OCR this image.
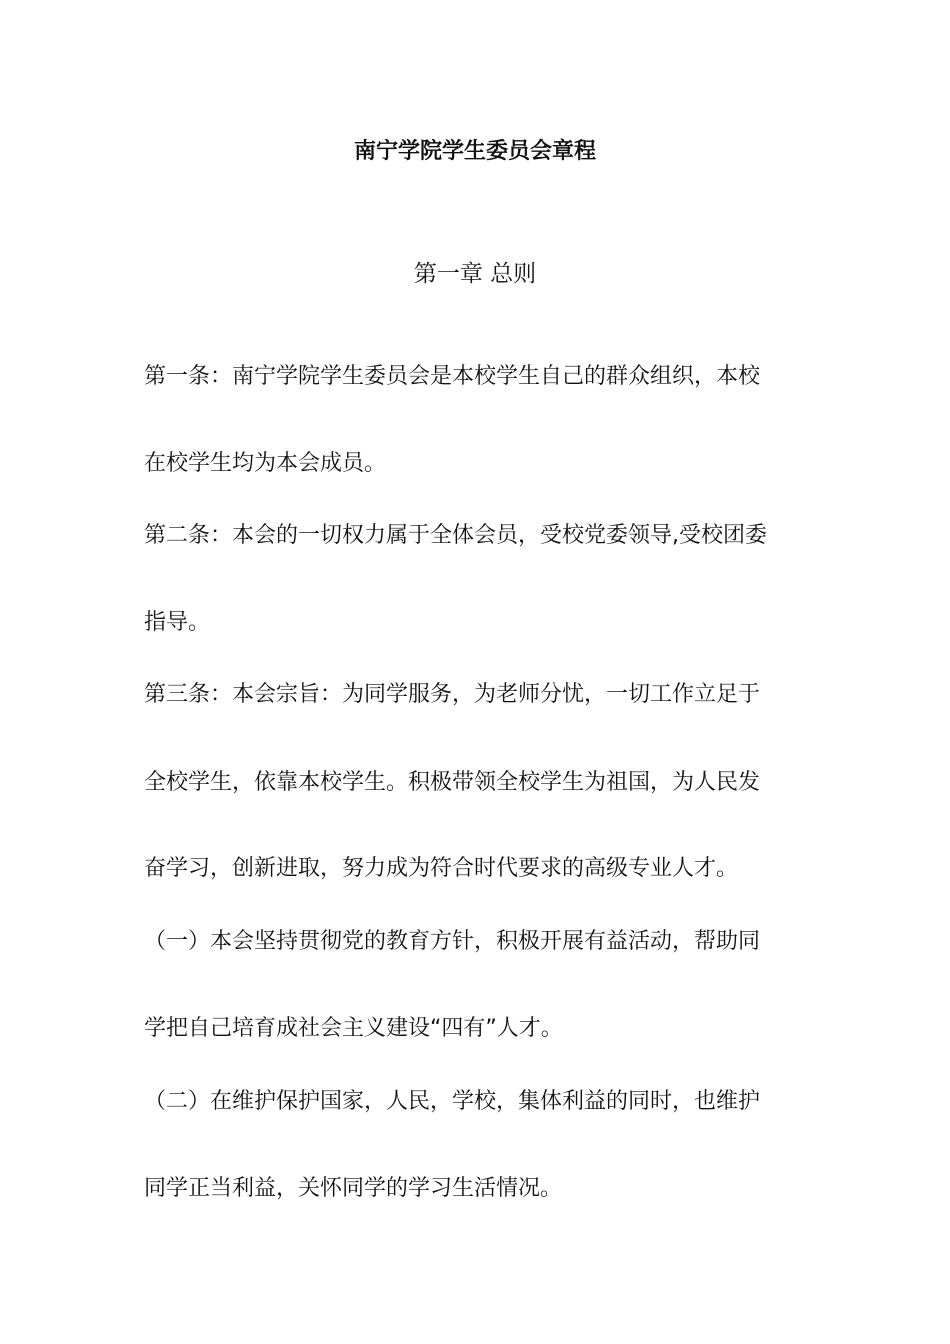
南宁学院学生委员会章程
第一章 总则
第一条：南宁学院学生委员会是本校学生自己的群众组织，本校
在校学生均为本会成员。
第二条：本会的一切权力属于全体会员，受校党委领导,受校团委
指导。
第三条：本会宗旨：为同学服务，为老师分忧，一切工作立足于
全校学生，依靠本校学生。积极带领全校学生为祖国，为人民发
奋学习，创新进取，努力成为符合时代要求的高级专业人才。
（一）本会坚持贯彻党的教育方针，积极开展有益活动，帮助同
学把自己培育成社会主义建设“四有”人才。
（二）在维护保护国家，人民，学校，集体利益的同时，也维护
同学正当利益，关怀同学的学习生活情况。
